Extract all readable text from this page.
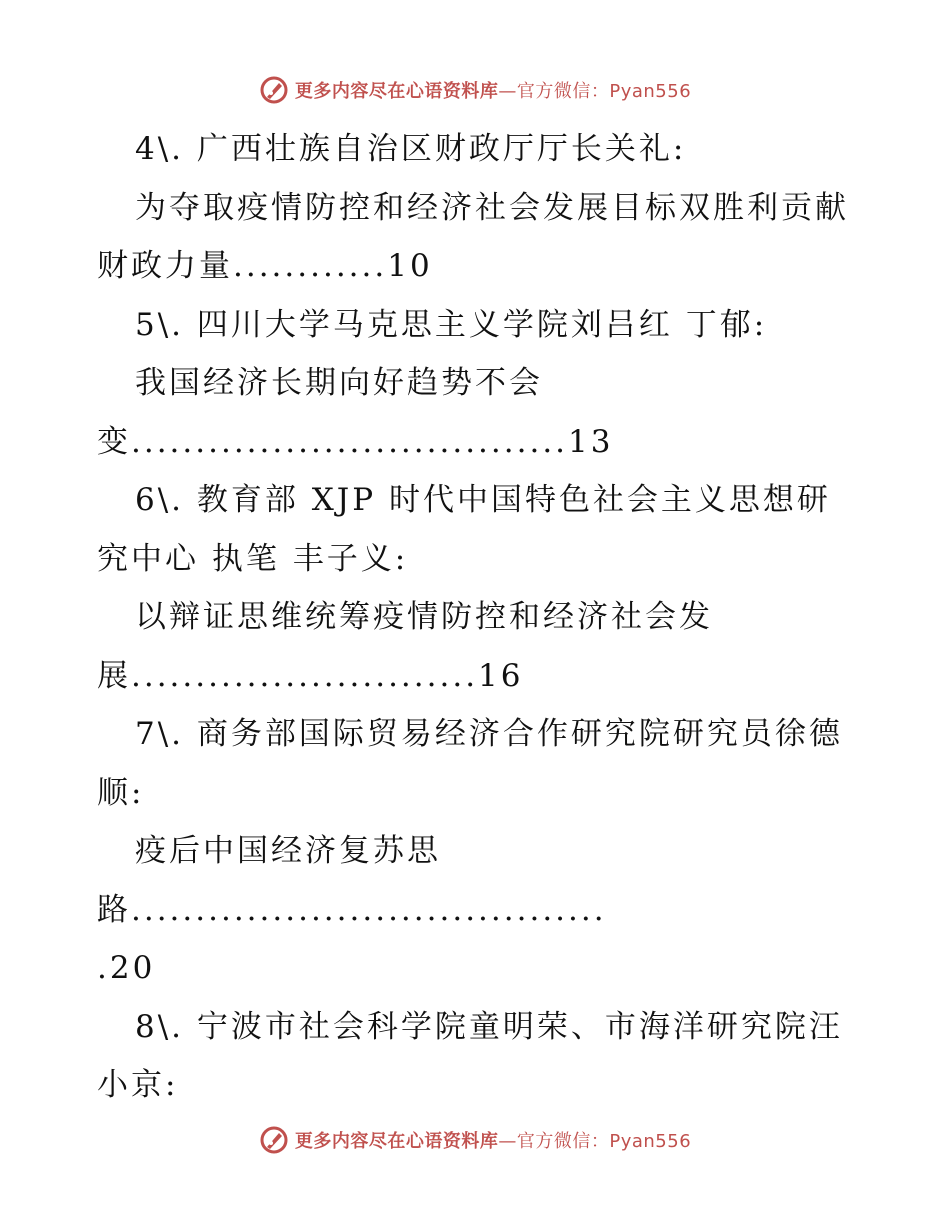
更多内容尽在心语资料库—官方微信：Pyan556
4\. 广西壮族自治区财政厅厅长关礼:
为夺取疫情防控和经济社会发展目标双胜利贡献
财政力量............10
5\. 四川大学马克思主义学院刘吕红 丁郁:
我国经济长期向好趋势不会
变..................................13
6\. 教育部 XJP 时代中国特色社会主义思想研
究中心 执笔 丰子义:
以辩证思维统筹疫情防控和经济社会发
展...........................16
7\. 商务部国际贸易经济合作研究院研究员徐德
顺:
疫后中国经济复苏思
路.....................................
.20
8\. 宁波市社会科学院童明荣、市海洋研究院汪
小京:
更多内容尽在心语资料库—官方微信：Pyan556
